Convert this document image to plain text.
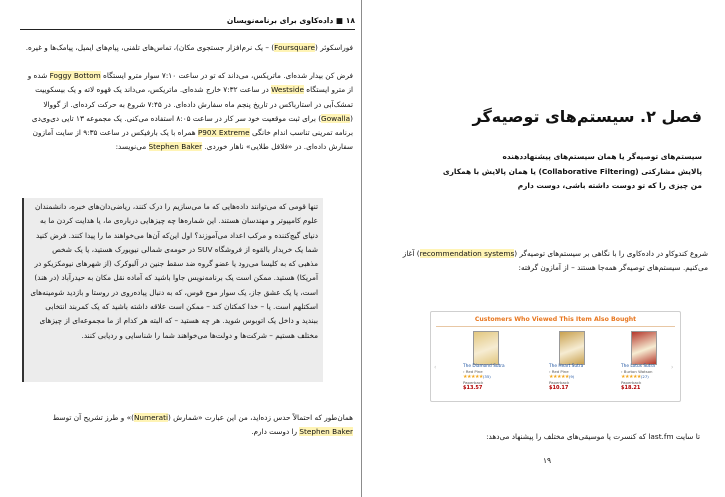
۱۸ ■ داده‌کاوی برای برنامه‌نویسان
فوراسکوئر (Foursquare) – یک نرم‌افزار جستجوی مکان)، تماس‌های تلفنی، پیام‌های ایمیل، پیامک‌ها و غیره.
فرض کن بیدار شده‌ای. ماتریکس، می‌داند که تو در ساعت ۷:۱۰ سوار مترو ایستگاه Foggy Bottom شده و از مترو ایستگاه Westside در ساعت ۷:۳۲ خارج شده‌ای. ماتریکس، می‌داند یک قهوه لاته و یک بیسکوییت تمشک‌آبی در استارباکس در تاریخ پنجم ماه سفارش داده‌ای. در ۷:۴۵ شروع به حرکت کرده‌ای. از گووالا (Gowalla) برای ثبت موقعیت خود سر کار در ساعت ۸:۰۵ استفاده می‌کنی. یک مجموعه ۱۳ تایی دی‌وی‌دی برنامه تمرینی تناسب اندام خانگی P90X Extreme همراه با یک بارفیکس در ساعت ۹:۳۵ از سایت آمازون سفارش داده‌ای. در «فلافل طلایی» ناهار خوردی. Stephen Baker می‌نویسد:
تنها قومی که می‌توانند داده‌هایی که ما می‌سازیم را درک کنند، ریاضی‌دان‌های خبره، دانشمندان علوم کامپیوتر و مهندسان هستند. این شماره‌ها چه چیزهایی درباره‌ی ما، یا هدایت کردن ما به دنیای گیج‌کننده و مرکب اعداد می‌آموزند؟ اول این‌که آن‌ها می‌خواهند ما را پیدا کنند. فرض کنید شما یک خریدار بالقوه از فروشگاه SUV در حومه‌ی شمالی نیویورک هستید، یا یک شخص مذهبی که به کلیسا می‌رود یا عضو گروه ضد سقط جنین در آلبوکرک (از شهرهای نیومکزیکو در آمریکا) هستید. ممکن است یک برنامه‌نویس جاوا باشید که آماده نقل مکان به حیدرآباد (در هند) است، یا یک عشق جاز، یک سوار موج قوس، که به دنبال پیاده‌روی در روستا و بازدید شومینه‌های اسکتلهم است. یا – خدا کمکتان کند – ممکن است علاقه داشته باشید که یک کمربند انتخابی ببندید و داخل یک اتوبوس شوید. هر چه هستید – که البته هر کدام از ما مجموعه‌ای از چیزهای مختلف هستیم – شرکت‌ها و دولت‌ها می‌خواهند شما را شناسایی و ردیابی کنند.
همان‌طور که احتمالاً حدس زده‌اید، من این عبارت «شمارش (Numerati)» و طرز تشریح آن توسط Stephen Baker را دوست دارم.
فصل ۲. سیستم‌های توصیه‌گر
سیستم‌های توصیه‌گر یا همان سیستم‌های پیشنهاددهنده
پالایش مشارکتی (Collaborative Filtering) یا همان پالایش با همکاری
من چیزی را که تو دوست داشته باشی، دوست دارم
شروع کندوکاو در داده‌کاوی را با نگاهی بر سیستم‌های توصیه‌گر (recommendation systems) آغاز می‌کنیم. سیستم‌های توصیه‌گر همه‌جا هستند – از آمازون گرفته:
تا سایت last.fm که کنسرت یا موسیقی‌های مختلف را پیشنهاد می‌دهد:
۱۹
Customers Who Viewed This Item Also Bought
‹	›
The Diamond Sutra
› Red Pine
★★★★★(35)
Paperback
$13.57
The Heart Sutra
› Red Pine
★★★★★(9)
Paperback
$10.17
The Lotus Sutra
› Burton Watson
★★★★★(27)
Paperback
$18.21
